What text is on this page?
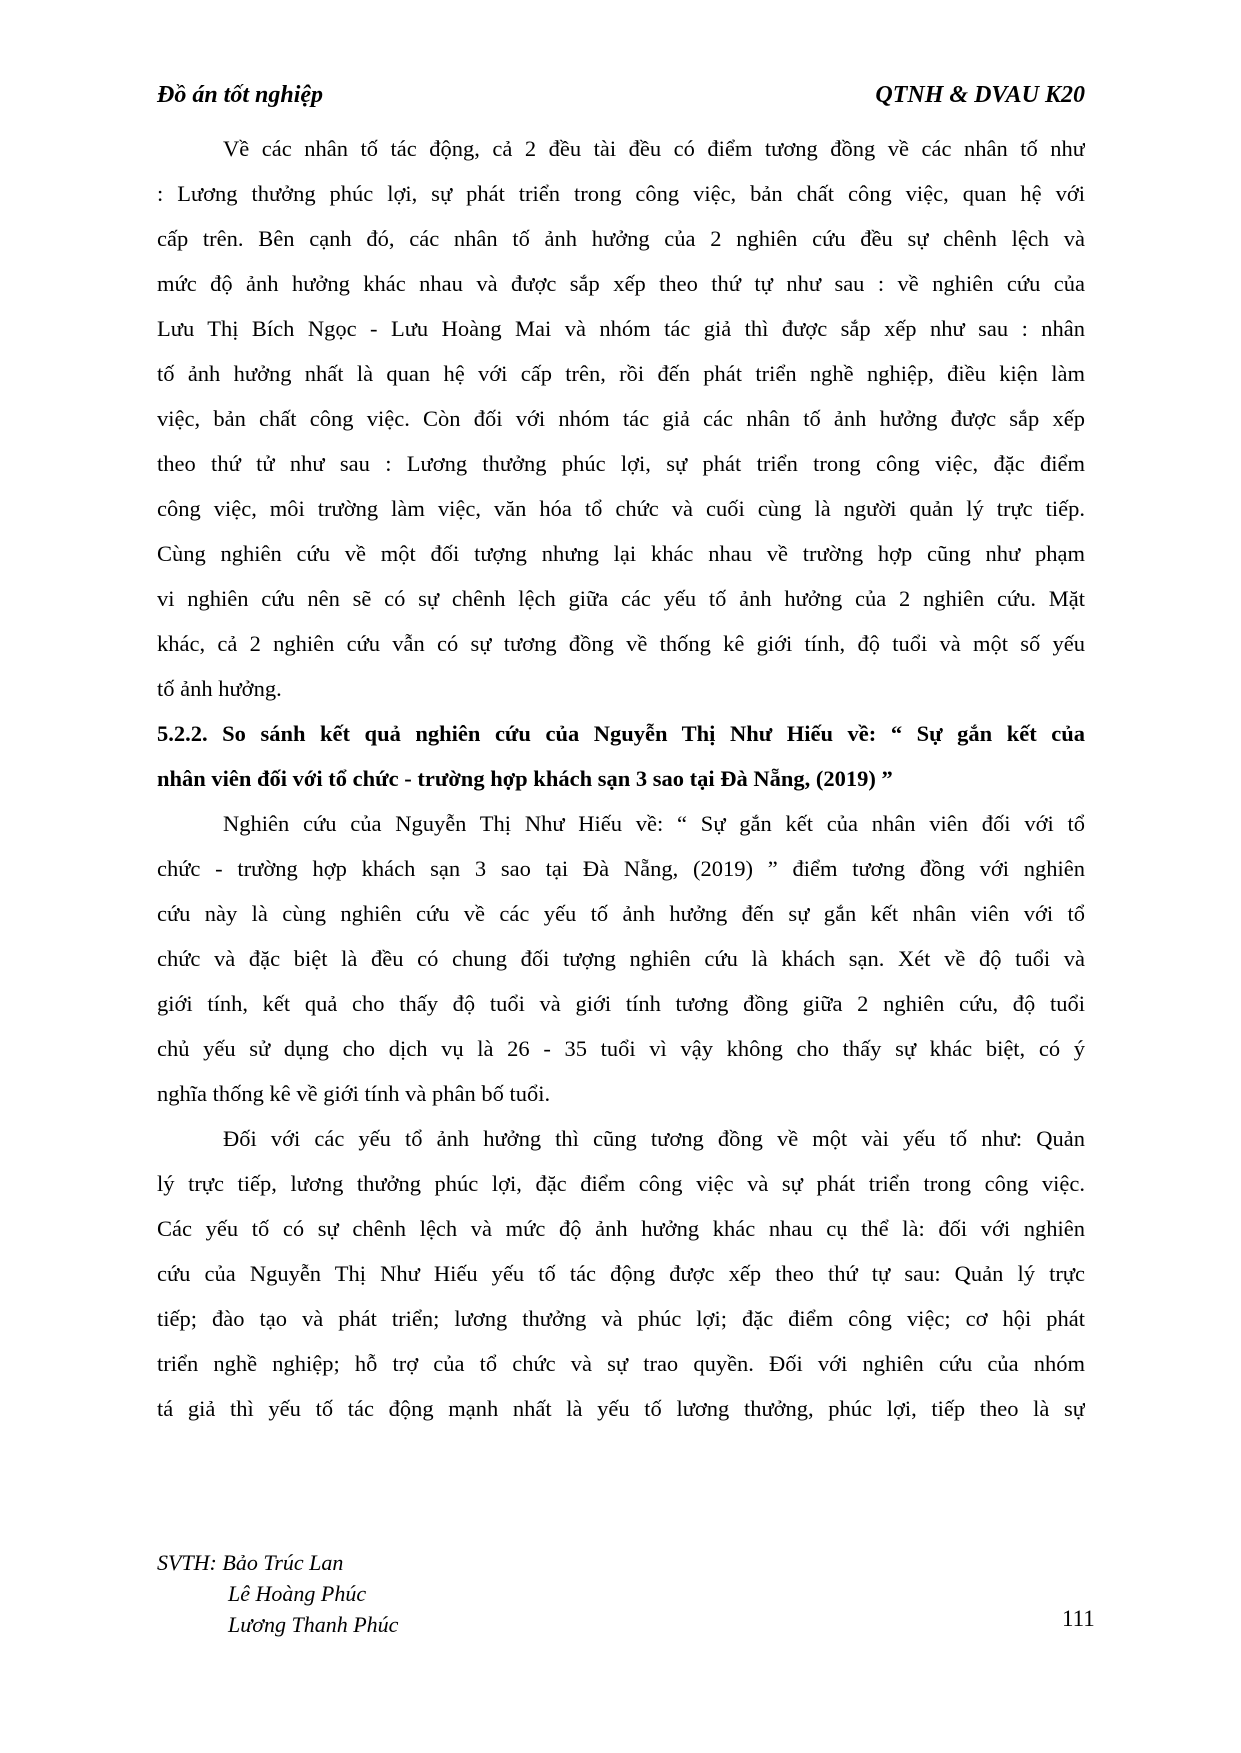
Đồ án tốt nghiệp	QTNH & DVAU K20
Về các nhân tố tác động, cả 2 đều tài đều có điểm tương đồng về các nhân tố như
: Lương thưởng phúc lợi, sự phát triển trong công việc, bản chất công việc, quan hệ với
cấp trên. Bên cạnh đó, các nhân tố ảnh hưởng của 2 nghiên cứu đều sự chênh lệch và
mức độ ảnh hưởng khác nhau và được sắp xếp theo thứ tự như sau : về nghiên cứu của
Lưu Thị Bích Ngọc - Lưu Hoàng Mai và nhóm tác giả thì được sắp xếp như sau : nhân
tố ảnh hưởng nhất là quan hệ với cấp trên, rồi đến phát triển nghề nghiệp, điều kiện làm
việc, bản chất công việc. Còn đối với nhóm tác giả các nhân tố ảnh hưởng được sắp xếp
theo thứ tử như sau : Lương thưởng phúc lợi, sự phát triển trong công việc, đặc điểm
công việc, môi trường làm việc, văn hóa tổ chức và cuối cùng là người quản lý trực tiếp.
Cùng nghiên cứu về một đối tượng nhưng lại khác nhau về trường hợp cũng như phạm
vi nghiên cứu nên sẽ có sự chênh lệch giữa các yếu tố ảnh hưởng của 2 nghiên cứu. Mặt
khác, cả 2 nghiên cứu vẫn có sự tương đồng về thống kê giới tính, độ tuổi và một số yếu
tố ảnh hưởng.
5.2.2. So sánh kết quả nghiên cứu của Nguyễn Thị Như Hiếu về: “ Sự gắn kết của
nhân viên đối với tổ chức - trường hợp khách sạn 3 sao tại Đà Nẵng, (2019) ”
Nghiên cứu của Nguyễn Thị Như Hiếu về: “ Sự gắn kết của nhân viên đối với tổ
chức - trường hợp khách sạn 3 sao tại Đà Nẵng, (2019) ” điểm tương đồng với nghiên
cứu này là cùng nghiên cứu về các yếu tố ảnh hưởng đến sự gắn kết nhân viên với tổ
chức và đặc biệt là đều có chung đối tượng nghiên cứu là khách sạn. Xét về độ tuổi và
giới tính, kết quả cho thấy độ tuổi và giới tính tương đồng giữa 2 nghiên cứu, độ tuổi
chủ yếu sử dụng cho dịch vụ là 26 - 35 tuổi vì vậy không cho thấy sự khác biệt, có ý
nghĩa thống kê về giới tính và phân bố tuổi.
Đối với các yếu tổ ảnh hưởng thì cũng tương đồng về một vài yếu tố như: Quản
lý trực tiếp, lương thưởng phúc lợi, đặc điểm công việc và sự phát triển trong công việc.
Các yếu tố có sự chênh lệch và mức độ ảnh hưởng khác nhau cụ thể là: đối với nghiên
cứu của Nguyễn Thị Như Hiếu yếu tố tác động được xếp theo thứ tự sau: Quản lý trực
tiếp; đào tạo và phát triển; lương thưởng và phúc lợi; đặc điểm công việc; cơ hội phát
triển nghề nghiệp; hỗ trợ của tổ chức và sự trao quyền. Đối với nghiên cứu của nhóm
tá giả thì yếu tố tác động mạnh nhất là yếu tố lương thưởng, phúc lợi, tiếp theo là sự
SVTH: Bảo Trúc Lan
Lê Hoàng Phúc
Lương Thanh Phúc	111
